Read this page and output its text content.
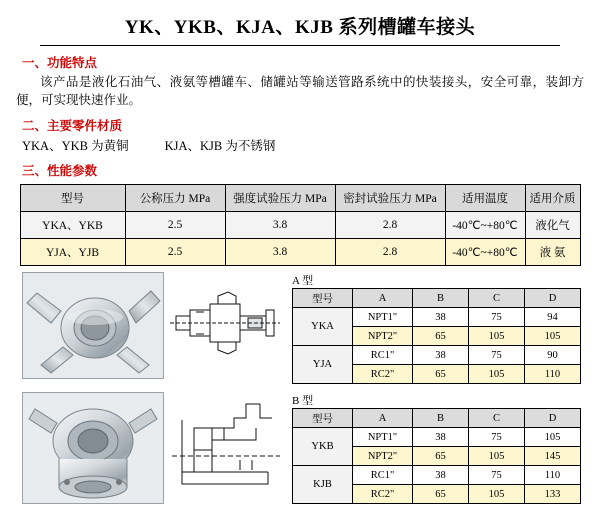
YK、YKB、KJA、KJB 系列槽罐车接头
一、功能特点
该产品是液化石油气、液氨等槽罐车、储罐站等输送管路系统中的快装接头，安全可靠，装卸方便，可实现快速作业。
二、主要零件材质
YKA、YKB 为黄铜	KJA、KJB 为不锈钢
三、性能参数
型号	公称压力 MPa	强度试验压力 MPa	密封试验压力 MPa	适用温度	适用介质
YKA、YKB	2.5	3.8	2.8	-40℃~+80℃	液化气
YJA、YJB	2.5	3.8	2.8	-40℃~+80℃	液 氨
A 型
型号	A	B	C	D
YKA	NPT1"	38	75	94
	NPT2"	65	105	105
YJA	RC1"	38	75	90
	RC2"	65	105	110
B 型
型号	A	B	C	D
YKB	NPT1"	38	75	105
	NPT2"	65	105	145
KJB	RC1"	38	75	110
	RC2"	65	105	133
